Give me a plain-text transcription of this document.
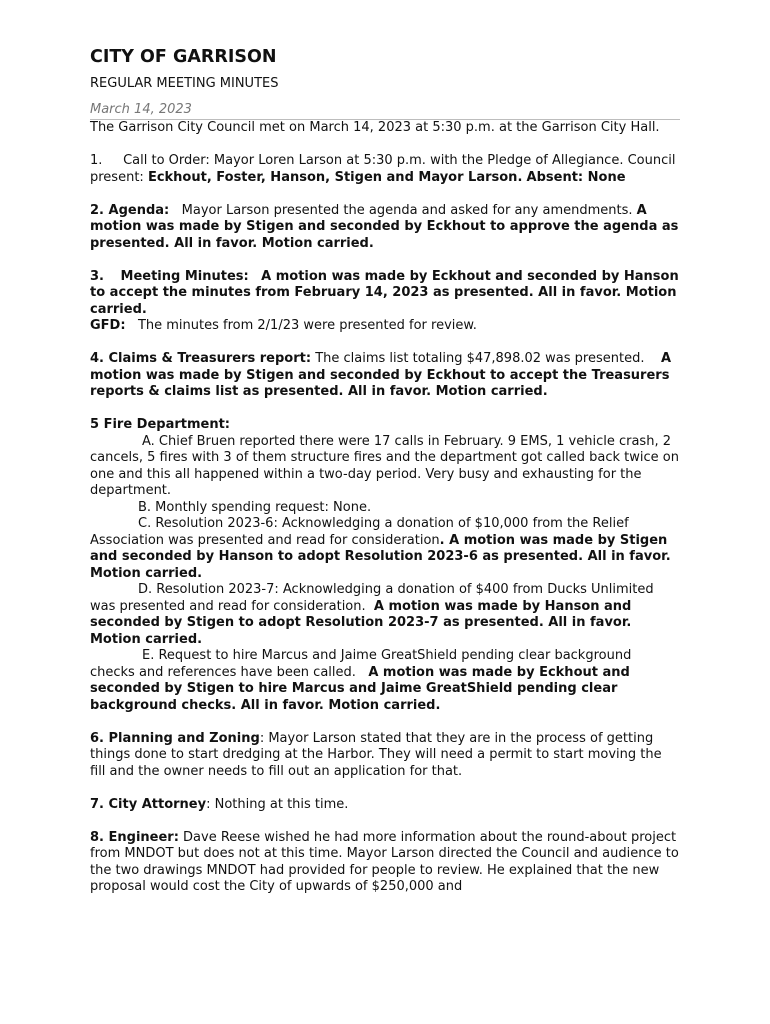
CITY OF GARRISON
REGULAR MEETING MINUTES
March 14, 2023

The Garrison City Council met on March 14, 2023 at 5:30 p.m. at the Garrison City Hall.

1. Call to Order: Mayor Loren Larson at 5:30 p.m. with the Pledge of Allegiance. Council present: Eckhout, Foster, Hanson, Stigen and Mayor Larson. Absent: None

2. Agenda: Mayor Larson presented the agenda and asked for any amendments. A motion was made by Stigen and seconded by Eckhout to approve the agenda as presented. All in favor. Motion carried.

3. Meeting Minutes: A motion was made by Eckhout and seconded by Hanson to accept the minutes from February 14, 2023 as presented. All in favor. Motion carried.
GFD: The minutes from 2/1/23 were presented for review.

4. Claims & Treasurers report: The claims list totaling $47,898.02 was presented. A motion was made by Stigen and seconded by Eckhout to accept the Treasurers reports & claims list as presented. All in favor. Motion carried.

5 Fire Department:
A. Chief Bruen reported there were 17 calls in February. 9 EMS, 1 vehicle crash, 2 cancels, 5 fires with 3 of them structure fires and the department got called back twice on one and this all happened within a two-day period. Very busy and exhausting for the department.
B. Monthly spending request: None.
C. Resolution 2023-6: Acknowledging a donation of $10,000 from the Relief Association was presented and read for consideration. A motion was made by Stigen and seconded by Hanson to adopt Resolution 2023-6 as presented. All in favor. Motion carried.
D. Resolution 2023-7: Acknowledging a donation of $400 from Ducks Unlimited was presented and read for consideration. A motion was made by Hanson and seconded by Stigen to adopt Resolution 2023-7 as presented. All in favor. Motion carried.
E. Request to hire Marcus and Jaime GreatShield pending clear background checks and references have been called. A motion was made by Eckhout and seconded by Stigen to hire Marcus and Jaime GreatShield pending clear background checks. All in favor. Motion carried.

6. Planning and Zoning: Mayor Larson stated that they are in the process of getting things done to start dredging at the Harbor. They will need a permit to start moving the fill and the owner needs to fill out an application for that.

7. City Attorney: Nothing at this time.

8. Engineer: Dave Reese wished he had more information about the round-about project from MNDOT but does not at this time. Mayor Larson directed the Council and audience to the two drawings MNDOT had provided for people to review. He explained that the new proposal would cost the City of upwards of $250,000 and
